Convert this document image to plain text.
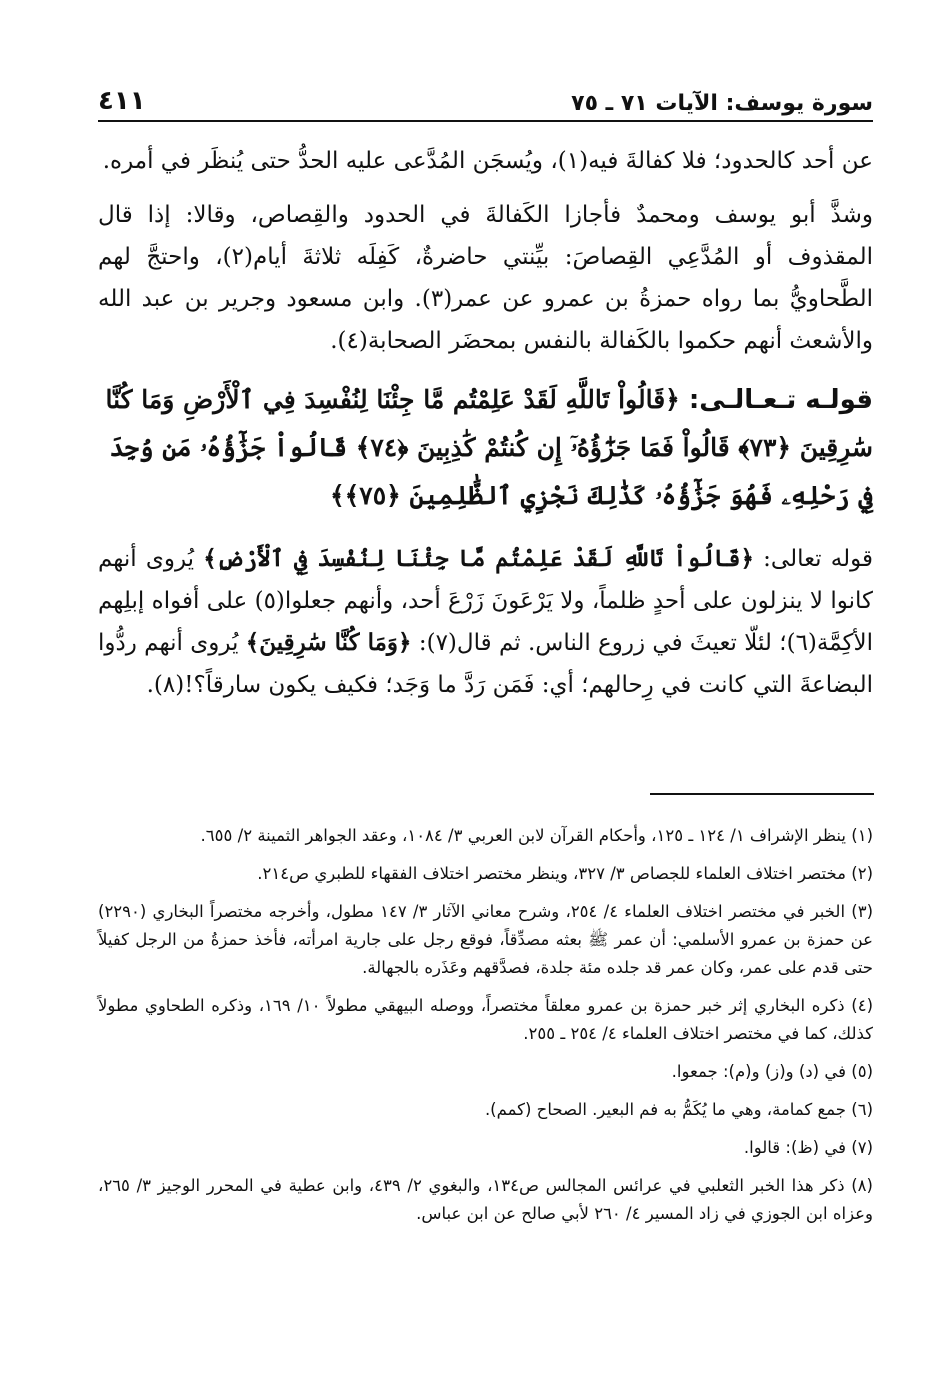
سورة يوسف: الآيات ٧١ ـ ٧٥
٤١١

عن أحد كالحدود؛ فلا كفالةَ فيه(١)، ويُسجَن المُدَّعى عليه الحدُّ حتى يُنظَر في أمره.

وشذَّ أبو يوسف ومحمدٌ فأجازا الكَفالةَ في الحدود والقِصاص، وقالا: إذا قال المقذوف أو المُدَّعِي القِصاصَ: بيِّنتي حاضرةٌ، كَفِلَه ثلاثةَ أيام(٢)، واحتجَّ لهم الطَّحاويُّ بما رواه حمزةُ بن عمرو عن عمر(٣). وابن مسعود وجرير بن عبد الله والأشعث أنهم حكموا بالكَفالة بالنفس بمحضَر الصحابة(٤).

قولـه تـعـالـى: ﴿قَالُواْ تَاللَّهِ لَقَدْ عَلِمْتُم مَّا جِئْنَا لِنُفْسِدَ فِي ٱلْأَرْضِ وَمَا كُنَّا سَٰرِقِينَ ﴿٧٣﴾ قَالُواْ فَمَا جَزَٰٓؤُهُۥٓ إِن كُنتُمْ كَٰذِبِينَ ﴿٧٤﴾ قَالُواْ جَزَٰٓؤُهُۥ مَن وُجِدَ فِي رَحْلِهِۦ فَهُوَ جَزَٰٓؤُهُۥ كَذَٰلِكَ نَجْزِي ٱلظَّٰلِمِينَ ﴿٧٥﴾﴾

قوله تعالى: ﴿قَالُواْ تَاللَّهِ لَقَدْ عَلِمْتُم مَّا جِئْنَا لِنُفْسِدَ فِي ٱلْأَرْضِ﴾ يُروى أنهم كانوا لا ينزلون على أحدٍ ظلماً، ولا يَرْعَونَ زَرْعَ أحد، وأنهم جعلوا(٥) على أفواه إبلِهم الأكِمَّة(٦)؛ لئلّا تعيثَ في زروع الناس. ثم قال(٧): ﴿وَمَا كُنَّا سَٰرِقِينَ﴾ يُروى أنهم ردُّوا البضاعةَ التي كانت في رِحالهم؛ أي: فَمَن رَدَّ ما وَجَد؛ فكيف يكون سارقاً؟!(٨).

(١) ينظر الإشراف ١/ ١٢٤ ـ ١٢٥، وأحكام القرآن لابن العربي ٣/ ١٠٨٤، وعقد الجواهر الثمينة ٢/ ٦٥٥.

(٢) مختصر اختلاف العلماء للجصاص ٣/ ٣٢٧، وينظر مختصر اختلاف الفقهاء للطبري ص٢١٤.

(٣) الخبر في مختصر اختلاف العلماء ٤/ ٢٥٤، وشرح معاني الآثار ٣/ ١٤٧ مطول، وأخرجه مختصراً البخاري (٢٢٩٠) عن حمزة بن عمرو الأسلمي: أن عمر ﷺ بعثه مصدِّقاً، فوقع رجل على جارية امرأته، فأخذ حمزةُ من الرجل كفيلاً حتى قدم على عمر، وكان عمر قد جلده مئة جلدة، فصدَّقهم وعَذَره بالجهالة.

(٤) ذكره البخاري إثر خبر حمزة بن عمرو معلقاً مختصراً، ووصله البيهقي مطولاً ١٠/ ١٦٩، وذكره الطحاوي مطولاً كذلك، كما في مختصر اختلاف العلماء ٤/ ٢٥٤ ـ ٢٥٥.

(٥) في (د) و(ز) و(م): جمعوا.

(٦) جمع كمامة، وهي ما يُكَمُّ به فم البعير. الصحاح (كمم).

(٧) في (ظ): قالوا.

(٨) ذكر هذا الخبر الثعلبي في عرائس المجالس ص١٣٤، والبغوي ٢/ ٤٣٩، وابن عطية في المحرر الوجيز ٣/ ٢٦٥، وعزاه ابن الجوزي في زاد المسير ٤/ ٢٦٠ لأبي صالح عن ابن عباس.
